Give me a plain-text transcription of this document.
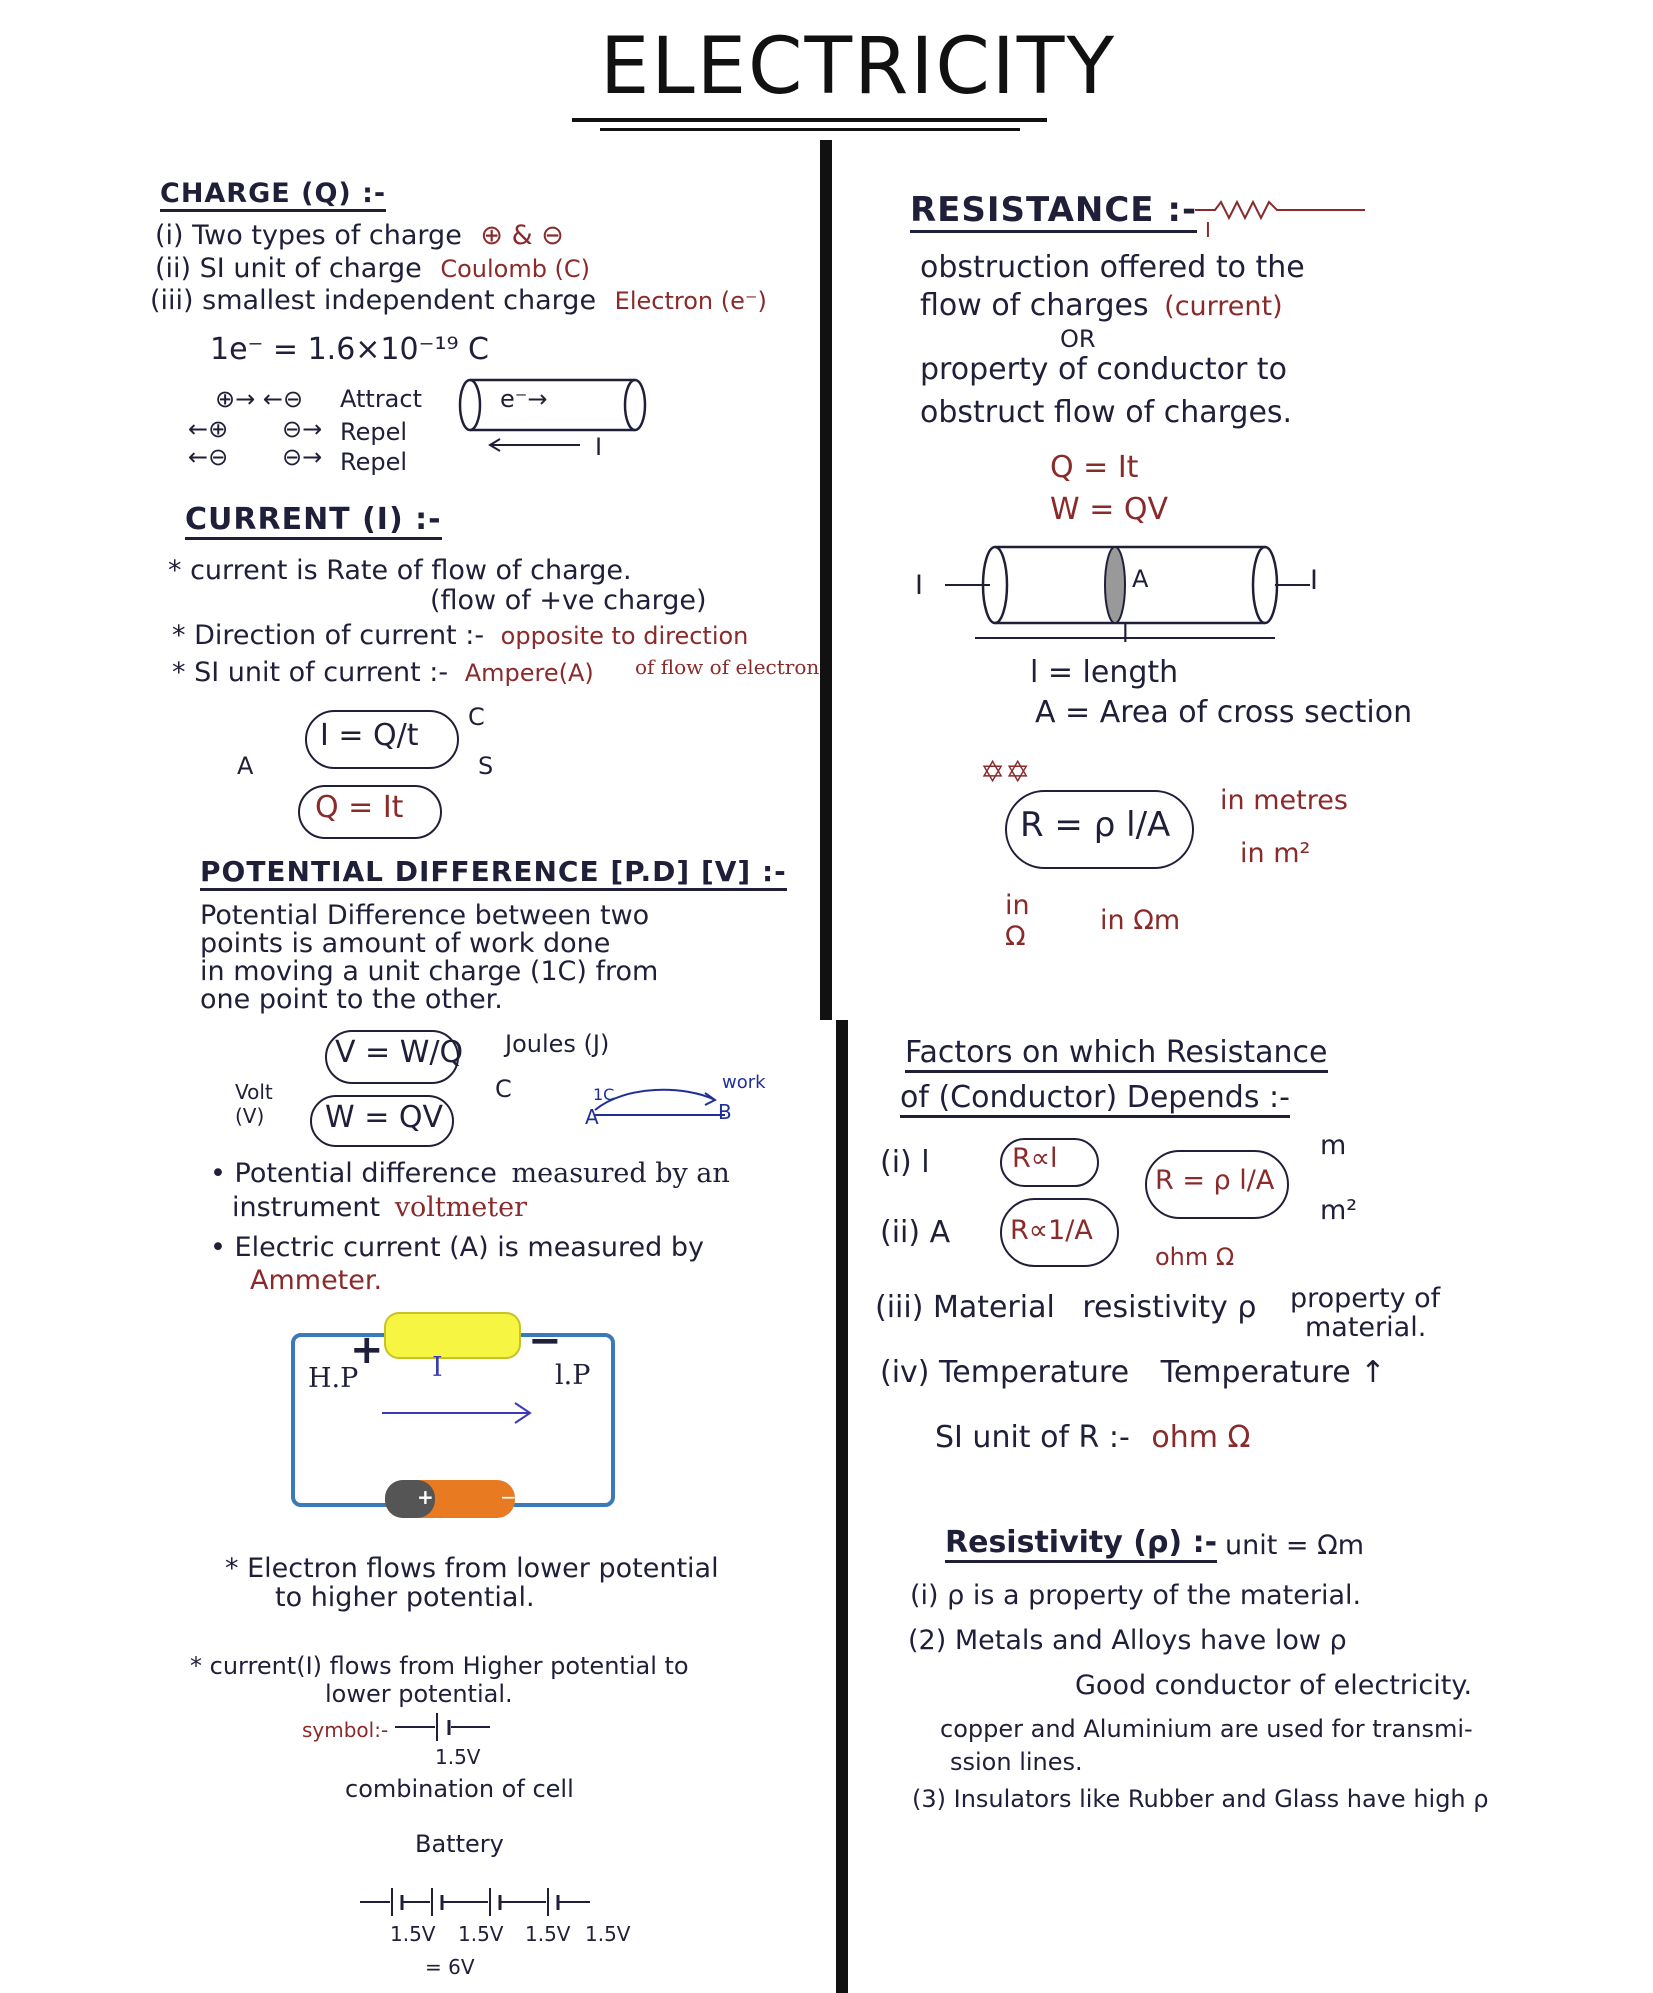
ELECTRICITY
CHARGE (Q) :-
(i) Two types of charge ⊕ & ⊖
(ii) SI unit of charge Coulomb (C)
(iii) smallest independent charge Electron (e⁻)
1e⁻ = 1.6×10⁻¹⁹ C
⊕→ ←⊖ Attract
←⊕ ⊖→ Repel
←⊖ ⊖→ Repel
e⁻→
I
CURRENT (I) :-
* current is Rate of flow of charge.
(flow of +ve charge)
* Direction of current :- opposite to direction
* SI unit of current :- Ampere(A) of flow of electron
I = Q/t
A
C
S
Q = It
POTENTIAL DIFFERENCE [P.D] [V] :-
Potential Difference between two
points is amount of work done
in moving a unit charge (1C) from
one point to the other.
V = W/Q Joules (J)
C
Volt (V)	W = QV
1C
A	B
work
• Potential difference measured by an
instrument voltmeter
• Electric current (A) is measured by
Ammeter.
H.P	l.P
I
+	−
+	−
* Electron flows from lower potential
to higher potential.
* current(I) flows from Higher potential to
lower potential.
symbol:-
1.5V
combination of cell
Battery
1.5V 1.5V 1.5V 1.5V
= 6V
RESISTANCE :- I
obstruction offered to the
flow of charges (current)
OR
property of conductor to
obstruct flow of charges.
Q = It
W = QV
I	I
A
l
l = length
A = Area of cross section
✡✡
R = ρ l/A
in metres
in m²
in Ω
in Ωm
Factors on which Resistance
of (Conductor) Depends :-
(i) l	R∝l
(ii) A R∝1/A
R = ρ l/A
m
m²
ohm Ω
(iii) Material resistivity ρ property of
material.
(iv) Temperature Temperature ↑
SI unit of R :- ohm Ω
Resistivity (ρ) :- unit = Ωm
(i) ρ is a property of the material.
(2) Metals and Alloys have low ρ
Good conductor of electricity.
copper and Aluminium are used for transmi-
ssion lines.
(3) Insulators like Rubber and Glass have high ρ
